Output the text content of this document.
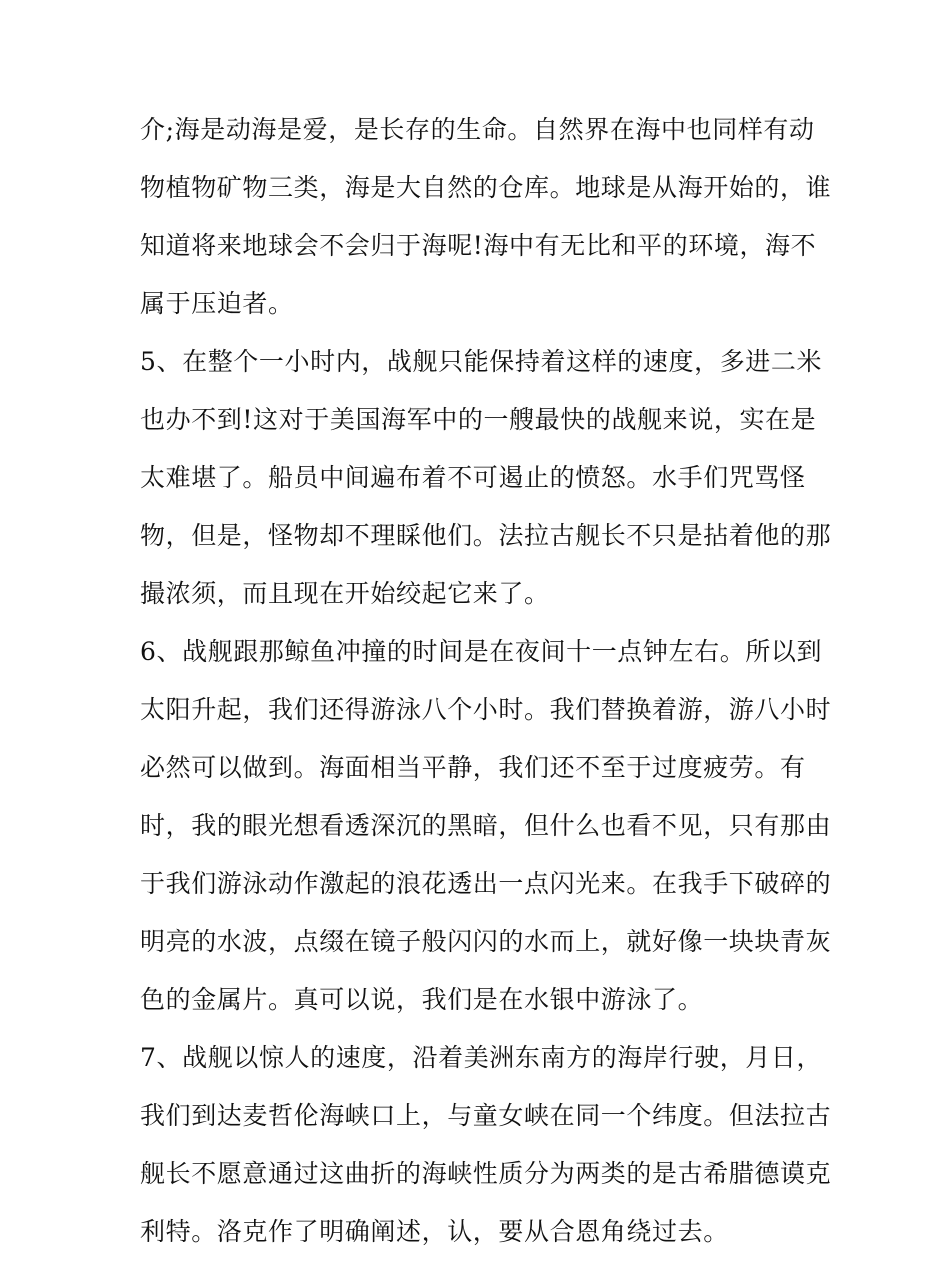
介;海是动海是爱，是长存的生命。自然界在海中也同样有动
物植物矿物三类，海是大自然的仓库。地球是从海开始的，谁
知道将来地球会不会归于海呢!海中有无比和平的环境，海不
属于压迫者。
5、在整个一小时内，战舰只能保持着这样的速度，多进二米
也办不到!这对于美国海军中的一艘最快的战舰来说，实在是
太难堪了。船员中间遍布着不可遏止的愤怒。水手们咒骂怪
物，但是，怪物却不理睬他们。法拉古舰长不只是拈着他的那
撮浓须，而且现在开始绞起它来了。
6、战舰跟那鲸鱼冲撞的时间是在夜间十一点钟左右。所以到
太阳升起，我们还得游泳八个小时。我们替换着游，游八小时
必然可以做到。海面相当平静，我们还不至于过度疲劳。有
时，我的眼光想看透深沉的黑暗，但什么也看不见，只有那由
于我们游泳动作激起的浪花透出一点闪光来。在我手下破碎的
明亮的水波，点缀在镜子般闪闪的水而上，就好像一块块青灰
色的金属片。真可以说，我们是在水银中游泳了。
7、战舰以惊人的速度，沿着美洲东南方的海岸行驶，月日，
我们到达麦哲伦海峡口上，与童女峡在同一个纬度。但法拉古
舰长不愿意通过这曲折的海峡性质分为两类的是古希腊德谟克
利特。洛克作了明确阐述，认，要从合恩角绕过去。
